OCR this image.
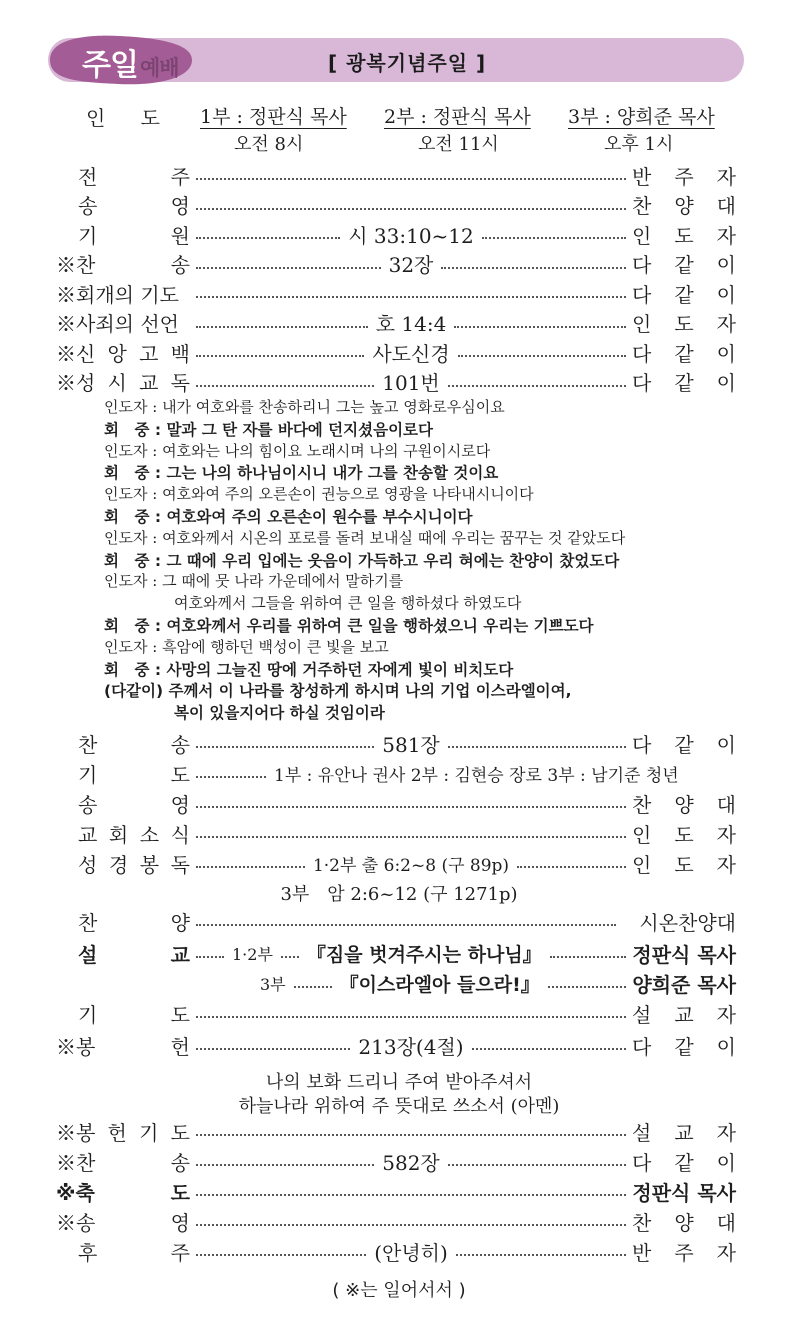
주일예배	[ 광복기념주일 ]
인 도 1부 : 정판식 목사
오전 8시
2부 : 정판식 목사
오전 11시
3부 : 양희준 목사
오후 1시
전	주	반 주 자
송	영	찬 양 대
기	원	시 33:10~12	인 도 자
※찬	송	32장	다 같 이
※회개의 기도	다 같 이
※사죄의 선언	호 14:4	인 도 자
※신 앙 고 백	사도신경	다 같 이
※성 시 교 독	101번	다 같 이
인도자 : 내가 여호와를 찬송하리니 그는 높고 영화로우심이요
회　중 : 말과 그 탄 자를 바다에 던지셨음이로다
인도자 : 여호와는 나의 힘이요 노래시며 나의 구원이시로다
회　중 : 그는 나의 하나님이시니 내가 그를 찬송할 것이요
인도자 : 여호와여 주의 오른손이 권능으로 영광을 나타내시니이다
회　중 : 여호와여 주의 오른손이 원수를 부수시니이다
인도자 : 여호와께서 시온의 포로를 돌려 보내실 때에 우리는 꿈꾸는 것 같았도다
회　중 : 그 때에 우리 입에는 웃음이 가득하고 우리 혀에는 찬양이 찼었도다
인도자 : 그 때에 뭇 나라 가운데에서 말하기를
여호와께서 그들을 위하여 큰 일을 행하셨다 하였도다
회　중 : 여호와께서 우리를 위하여 큰 일을 행하셨으니 우리는 기쁘도다
인도자 : 흑암에 행하던 백성이 큰 빛을 보고
회　중 : 사망의 그늘진 땅에 거주하던 자에게 빛이 비치도다
(다같이) 주께서 이 나라를 창성하게 하시며 나의 기업 이스라엘이여,
복이 있을지어다 하실 것임이라
찬	송	581장	다 같 이
기	도	1부 : 유안나 권사 2부 : 김현승 장로 3부 : 남기준 청년
송	영	찬 양 대
교 회 소 식	인 도 자
성 경 봉 독	1·2부 출 6:2~8 (구 89p)	인 도 자
3부　암 2:6~12 (구 1271p)
찬	양	시온찬양대
설	교	1·2부 『짐을 벗겨주시는 하나님』	정판식 목사
3부	『이스라엘아 들으라!』	양희준 목사
기	도	설 교 자
※봉	헌	213장(4절)	다 같 이
나의 보화 드리니 주여 받아주셔서
하늘나라 위하여 주 뜻대로 쓰소서 (아멘)
※봉 헌 기 도	설 교 자
※찬	송	582장	다 같 이
※축	도	정판식 목사
※송	영	찬 양 대
후	주	(안녕히)	반 주 자
( ※는 일어서서 )
